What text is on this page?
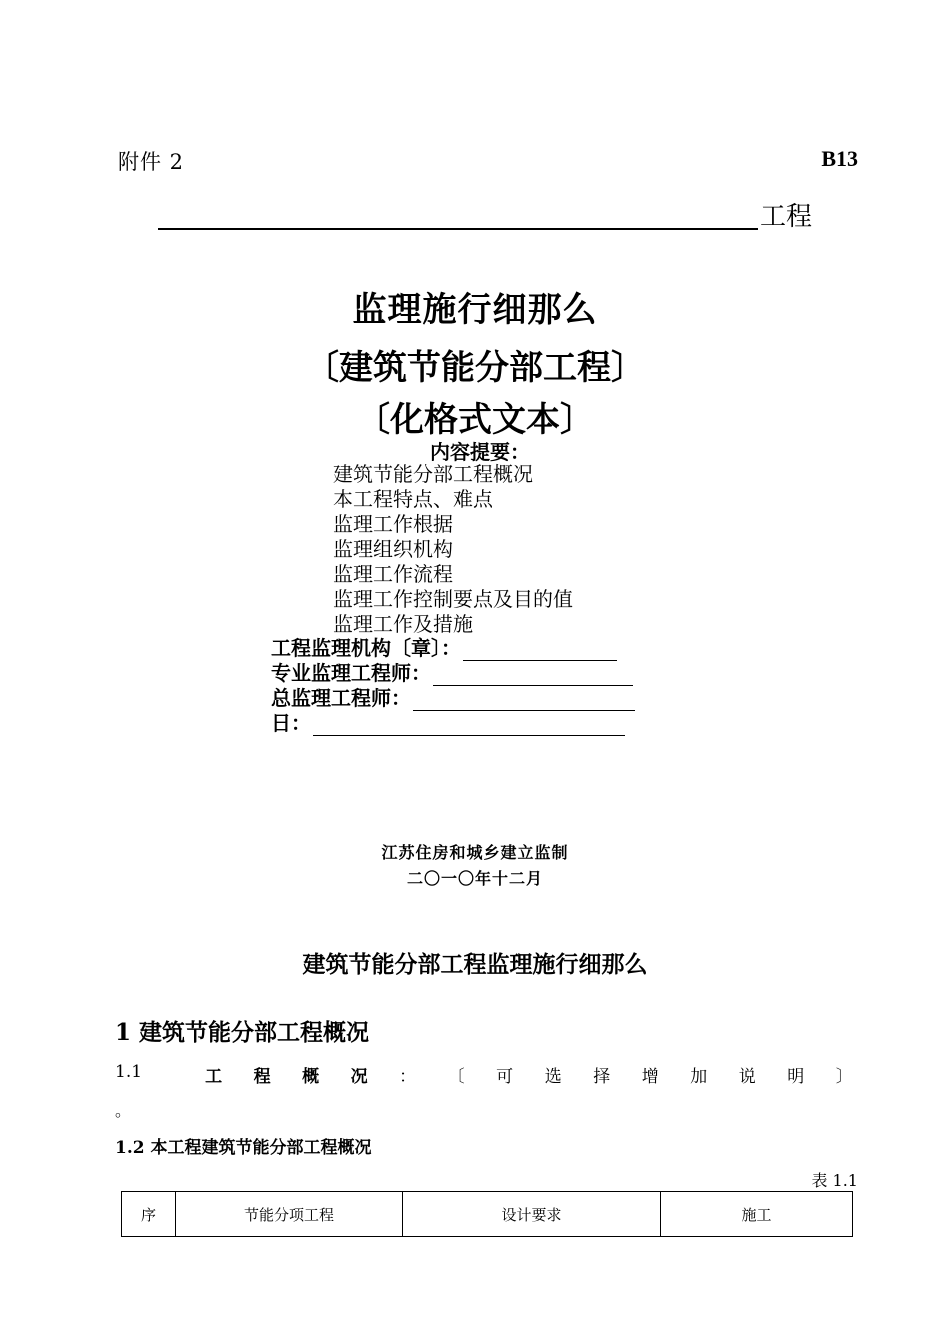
附件 2	B13
工程
监理施行细那么
〔建筑节能分部工程〕
〔化格式文本〕
内容提要：
建筑节能分部工程概况
本工程特点、难点
监理工作根据
监理组织机构
监理工作流程
监理工作控制要点及目的值
监理工作及措施
工程监理机构〔章〕：
专业监理工程师：
总监理工程师：
日：
江苏住房和城乡建立监制
二〇一〇年十二月
建筑节能分部工程监理施行细那么
1 建筑节能分部工程概况
1.1	工 程 概 况 ： 〔 可 选 择 增 加 说 明 〕
。
1.2 本工程建筑节能分部工程概况
表 1.1
序	节能分项工程	设计要求	施工
